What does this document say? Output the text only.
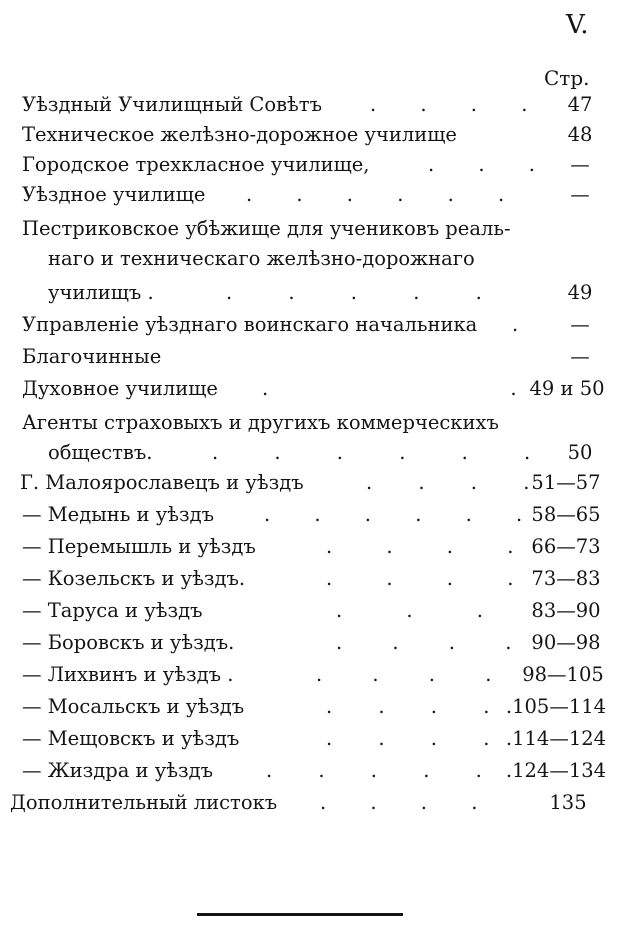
V.
Стр.
Уѣздный Училищный Совѣтъ . . . .	47
Техническое желѣзно-дорожное училище	48
Городское трехкласное училище,	. . .	—
Уѣздное училище . . . . . .	—
Пестриковское убѣжище для учениковъ реаль-
наго и техническаго желѣзно-дорожнаго
училищъ .	. . . . .	49
Управленіе уѣзднаго воинскаго начальника .	—
Благочинные	—
Духовное училище . . 49 и 50
Агенты страховыхъ и другихъ коммерческихъ
обществъ.	. . . . . .	50
Г. Малоярославецъ и уѣздъ	. . . . 51—57
— Медынь и уѣздъ	. . . . . . 58—65
— Перемышль и уѣздъ	. . . . 66—73
— Козельскъ и уѣздъ.	. . . . 73—83
— Таруса и уѣздъ	. . .	83—90
— Боровскъ и уѣздъ.	. . . .	90—98
— Лихвинъ и уѣздъ .	. . . .	98—105
— Мосальскъ и уѣздъ	. . . . .105—114
— Мещовскъ и уѣздъ	. . . . .114—124
— Жиздра и уѣздъ	. . . . .	.124—134
Дополнительный листокъ . . . .	135
